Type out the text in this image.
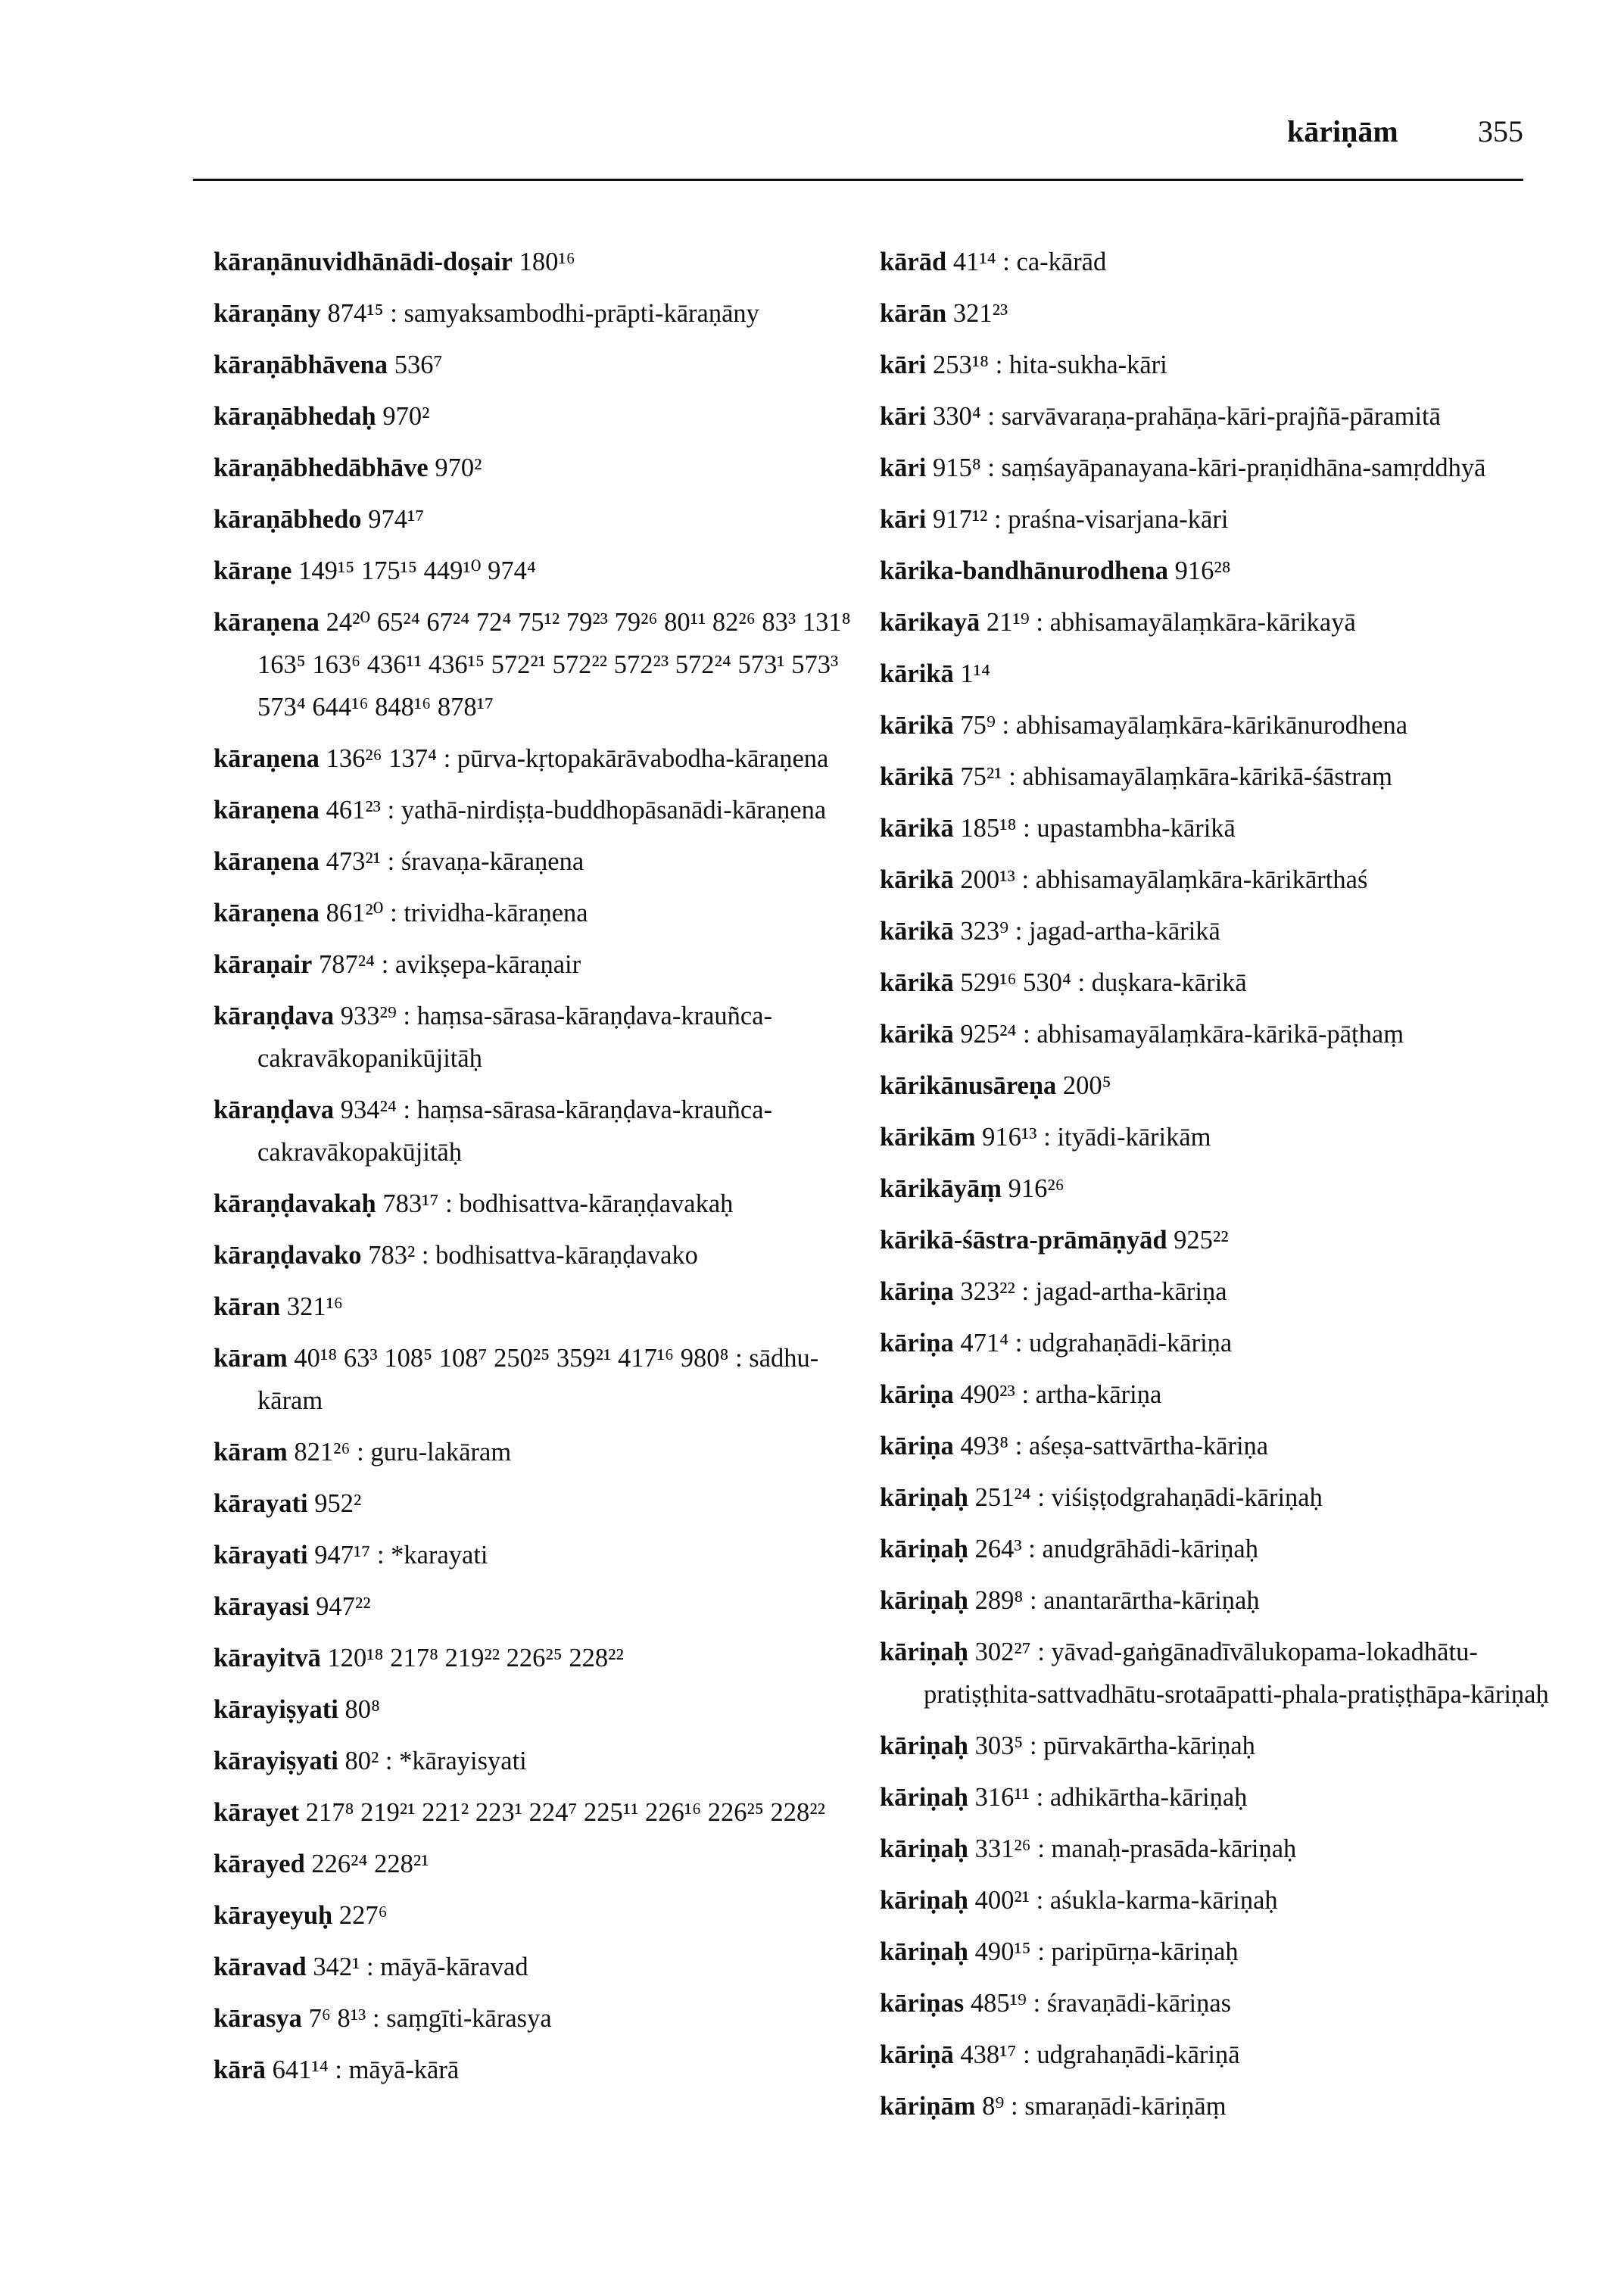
kāriṇām	355
kāraṇānuvidhānādi-doṣair 180¹⁶
kāraṇāny 874¹⁵ : samyaksambodhi-prāpti-kāraṇāny
kāraṇābhāvena 536⁷
kāraṇābhedaḥ 970²
kāraṇābhedābhāve 970²
kāraṇābhedo 974¹⁷
kāraṇe 149¹⁵ 175¹⁵ 449¹⁰ 974⁴
kāraṇena 24²⁰ 65²⁴ 67²⁴ 72⁴ 75¹² 79²³ 79²⁶ 80¹¹ 82²⁶ 83³ 131⁸ 163⁵ 163⁶ 436¹¹ 436¹⁵ 572²¹ 572²² 572²³ 572²⁴ 573¹ 573³ 573⁴ 644¹⁶ 848¹⁶ 878¹⁷
kāraṇena 136²⁶ 137⁴ : pūrva-kṛtopakārāvabodha-kāraṇena
kāraṇena 461²³ : yathā-nirdiṣṭa-buddhopāsanādi-kāraṇena
kāraṇena 473²¹ : śravaṇa-kāraṇena
kāraṇena 861²⁰ : trividha-kāraṇena
kāraṇair 787²⁴ : avikṣepa-kāraṇair
kāraṇḍava 933²⁹ : haṃsa-sārasa-kāraṇḍava-krauñca-cakravākopanikūjitāḥ
kāraṇḍava 934²⁴ : haṃsa-sārasa-kāraṇḍava-krauñca-cakravākopakūjitāḥ
kāraṇḍavakaḥ 783¹⁷ : bodhisattva-kāraṇḍavakaḥ
kāraṇḍavako 783² : bodhisattva-kāraṇḍavako
kāran 321¹⁶
kāram 40¹⁸ 63³ 108⁵ 108⁷ 250²⁵ 359²¹ 417¹⁶ 980⁸ : sādhu-kāram
kāram 821²⁶ : guru-lakāram
kārayati 952²
kārayati 947¹⁷ : *karayati
kārayasi 947²²
kārayitvā 120¹⁸ 217⁸ 219²² 226²⁵ 228²²
kārayiṣyati 80⁸
kārayiṣyati 80² : *kārayisyati
kārayet 217⁸ 219²¹ 221² 223¹ 224⁷ 225¹¹ 226¹⁶ 226²⁵ 228²²
kārayed 226²⁴ 228²¹
kārayeyuḥ 227⁶
kāravad 342¹ : māyā-kāravad
kārasya 7⁶ 8¹³ : saṃgīti-kārasya
kārā 641¹⁴ : māyā-kārā
kārād 41¹⁴ : ca-kārād
kārān 321²³
kāri 253¹⁸ : hita-sukha-kāri
kāri 330⁴ : sarvāvaraṇa-prahāṇa-kāri-prajñā-pāramitā
kāri 915⁸ : saṃśayāpanayana-kāri-praṇidhāna-samṛddhyā
kāri 917¹² : praśna-visarjana-kāri
kārika-bandhānurodhena 916²⁸
kārikayā 21¹⁹ : abhisamayālaṃkāra-kārikayā
kārikā 1¹⁴
kārikā 75⁹ : abhisamayālaṃkāra-kārikānurodhena
kārikā 75²¹ : abhisamayālaṃkāra-kārikā-śāstraṃ
kārikā 185¹⁸ : upastambha-kārikā
kārikā 200¹³ : abhisamayālaṃkāra-kārikārthaś
kārikā 323⁹ : jagad-artha-kārikā
kārikā 529¹⁶ 530⁴ : duṣkara-kārikā
kārikā 925²⁴ : abhisamayālaṃkāra-kārikā-pāṭhaṃ
kārikānusāreṇa 200⁵
kārikām 916¹³ : ityādi-kārikām
kārikāyāṃ 916²⁶
kārikā-śāstra-prāmāṇyād 925²²
kāriṇa 323²² : jagad-artha-kāriṇa
kāriṇa 471⁴ : udgrahaṇādi-kāriṇa
kāriṇa 490²³ : artha-kāriṇa
kāriṇa 493⁸ : aśeṣa-sattvārtha-kāriṇa
kāriṇaḥ 251²⁴ : viśiṣṭodgrahaṇādi-kāriṇaḥ
kāriṇaḥ 264³ : anudgrāhādi-kāriṇaḥ
kāriṇaḥ 289⁸ : anantarārtha-kāriṇaḥ
kāriṇaḥ 302²⁷ : yāvad-gaṅgānadīvālukopama-lokadhātu-pratiṣṭhita-sattvadhātu-srotaāpatti-phala-pratiṣṭhāpa-kāriṇaḥ
kāriṇaḥ 303⁵ : pūrvakārtha-kāriṇaḥ
kāriṇaḥ 316¹¹ : adhikārtha-kāriṇaḥ
kāriṇaḥ 331²⁶ : manaḥ-prasāda-kāriṇaḥ
kāriṇaḥ 400²¹ : aśukla-karma-kāriṇaḥ
kāriṇaḥ 490¹⁵ : paripūrṇa-kāriṇaḥ
kāriṇas 485¹⁹ : śravaṇādi-kāriṇas
kāriṇā 438¹⁷ : udgrahaṇādi-kāriṇā
kāriṇām 8⁹ : smaraṇādi-kāriṇāṃ
